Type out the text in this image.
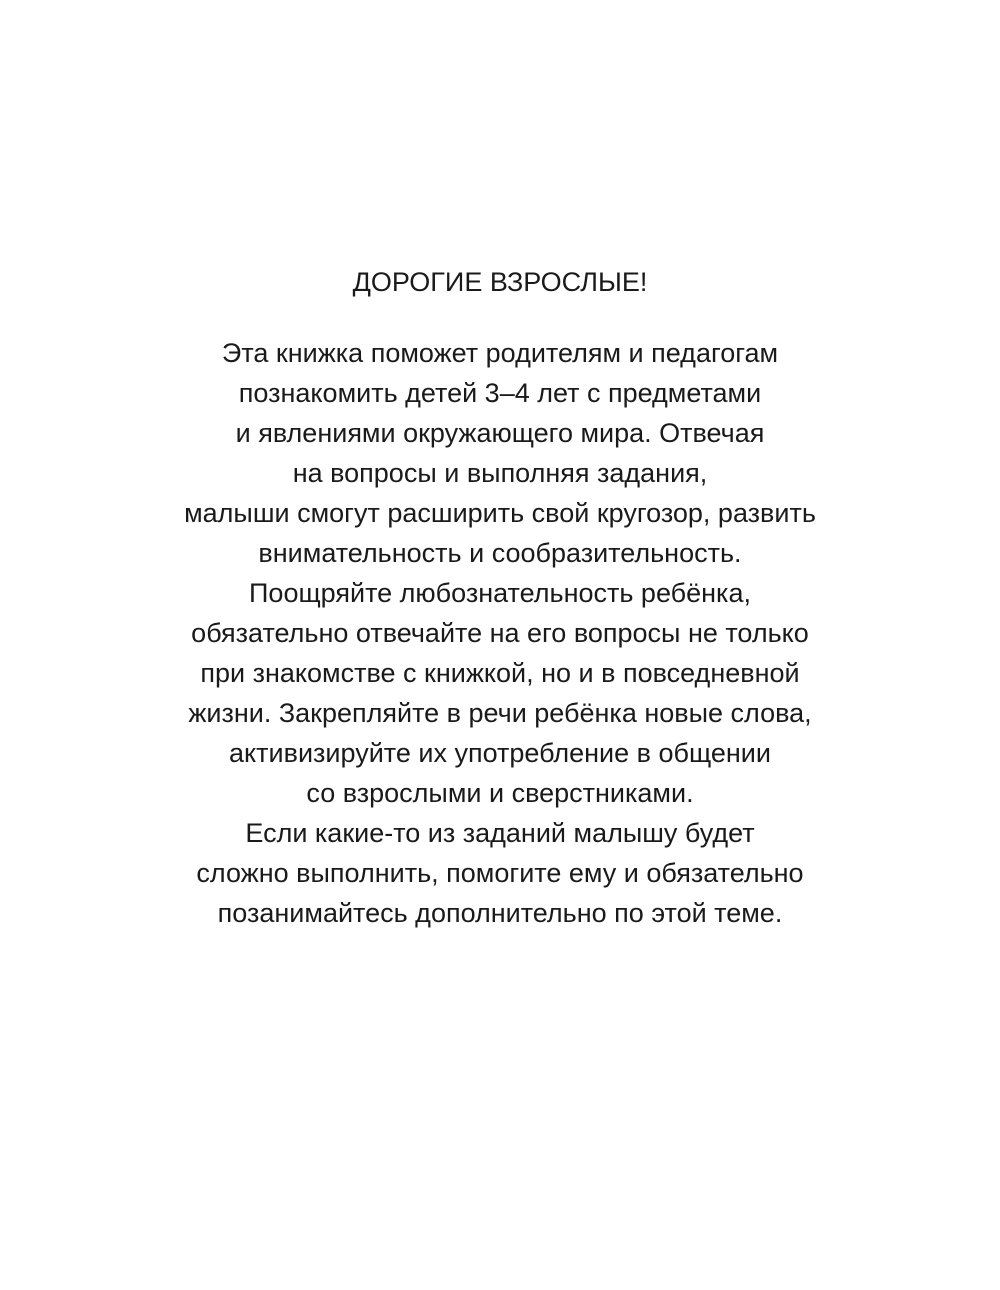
ДОРОГИЕ ВЗРОСЛЫЕ!
Эта книжка поможет родителям и педагогам
познакомить детей 3–4 лет с предметами
и явлениями окружающего мира. Отвечая
на вопросы и выполняя задания,
малыши смогут расширить свой кругозор, развить
внимательность и сообразительность.
Поощряйте любознательность ребёнка,
обязательно отвечайте на его вопросы не только
при знакомстве с книжкой, но и в повседневной
жизни. Закрепляйте в речи ребёнка новые слова,
активизируйте их употребление в общении
со взрослыми и сверстниками.
Если какие-то из заданий малышу будет
сложно выполнить, помогите ему и обязательно
позанимайтесь дополнительно по этой теме.
